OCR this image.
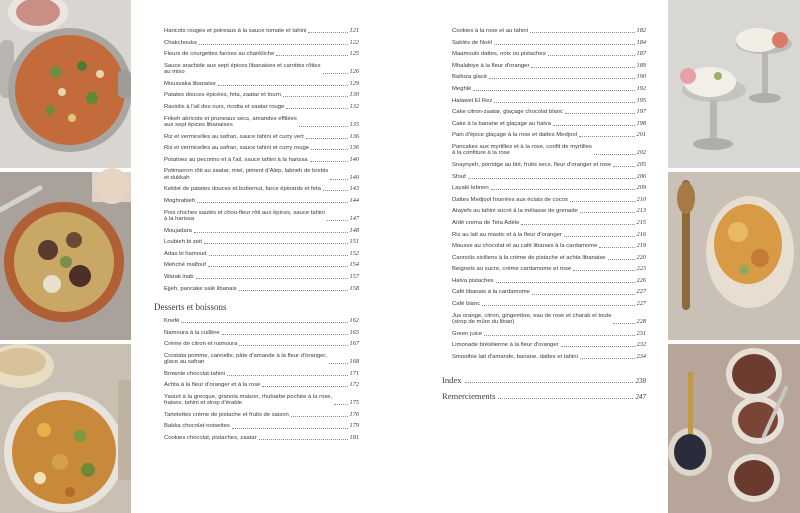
Haricots rouges et poireaux à la sauce tomate et tahini	121
Chakchouka	122
Fleurs de courgettes farcies au chankliche	125
Sauce arachide aux sept épices libanaises et carottes rôties
au miso	126
Moussaka libanaise	129
Patates douces épicées, feta, zaatar et tourn	130
Raviolis à l'ail des ours, ricotta et zaatar rouge	132
Frikeh abricots et pruneaux secs, amandes effilées
aux sept épices libanaises	135
Riz et vermicelles au safran, sauce tahini et curry vert	136
Riz et vermicelles au safran, sauce tahini et curry rouge	136
Potatoes au pecorino et à l'ail, sauce tahini à la harissa	140
Potimarron rôti au zaatar, miel, piment d'Alep, labneh de brebis
et dukkah	140
Kebbé de patates douces et butternut, farce épinards et feta	143
Moghrabieh	144
Pois chiches sautés et chou-fleur rôti aux épices, sauce tahini
à la harissa	147
Moujadara	148
Loubieh bi zeit	151
Adas bi hamoud	152
Mehché malfouf	154
Warak inab	157
Ejjeh, pancake salé libanais	158
Desserts et boissons
Knefé	162
Namoura à la cuillère	165
Crème de citron et namoura	167
Crostata pomme, cannelle, pâte d'amande à la fleur d'oranger,
glace au safran	168
Brownie chocolat-tahini	171
Achta à la fleur d'oranger et à la rose	172
Yaourt à la grecque, granola maison, rhubarbe pochée à la rose,
fraises, tahini et sirop d'érable	175
Tartelettes crème de pistache et fruits de saison	176
Babka chocolat-noisettes	179
Cookies chocolat, pistaches, zaatar	181
Cookies à la rose et au tahini	182
Sablés de Noël	184
Maamouls dattes, noix ou pistaches	187
Mhalabiye à la fleur d'oranger	189
Balloza glacé	190
Meghlé	192
Halawet El Rez	195
Cake citron-zaatar, glaçage chocolat blanc	197
Cake à la banane et glaçage au halva	198
Pain d'épice glaçage à la rose et dattes Medjool	201
Pancakes aux myrtilles et à la rose, confit de myrtilles
à la confiture à la rose	202
Snaynyeh, porridge au blé, fruits secs, fleur d'oranger et rose	205
Sfouf	206
Layalé lebnen	209
Dattes Medjool fourrées aux éclats de cocos	210
Atayefs au tahini sucré à la mélasse de grenade	213
Aïdé crema de Teta Adèle	215
Riz au lait au mastic et à la fleur d'oranger	216
Mousse au chocolat et au café libanais à la cardamome	219
Cannolis siciliens à la crème de pistache et achta libanaise	220
Beignets au sucre, crème cardamome et rose	223
Halva pistaches	226
Café libanais à la cardamome	227
Café blanc	227
Jus orange, citron, gingembre, eau de rose et charab el toute
(sirop de mûre du liban)	228
Green juice	231
Limonade brésilienne à la fleur d'oranger	232
Smoothie lait d'amande, banane, dattes et tahini	234
Index	238
Remerciements	247
